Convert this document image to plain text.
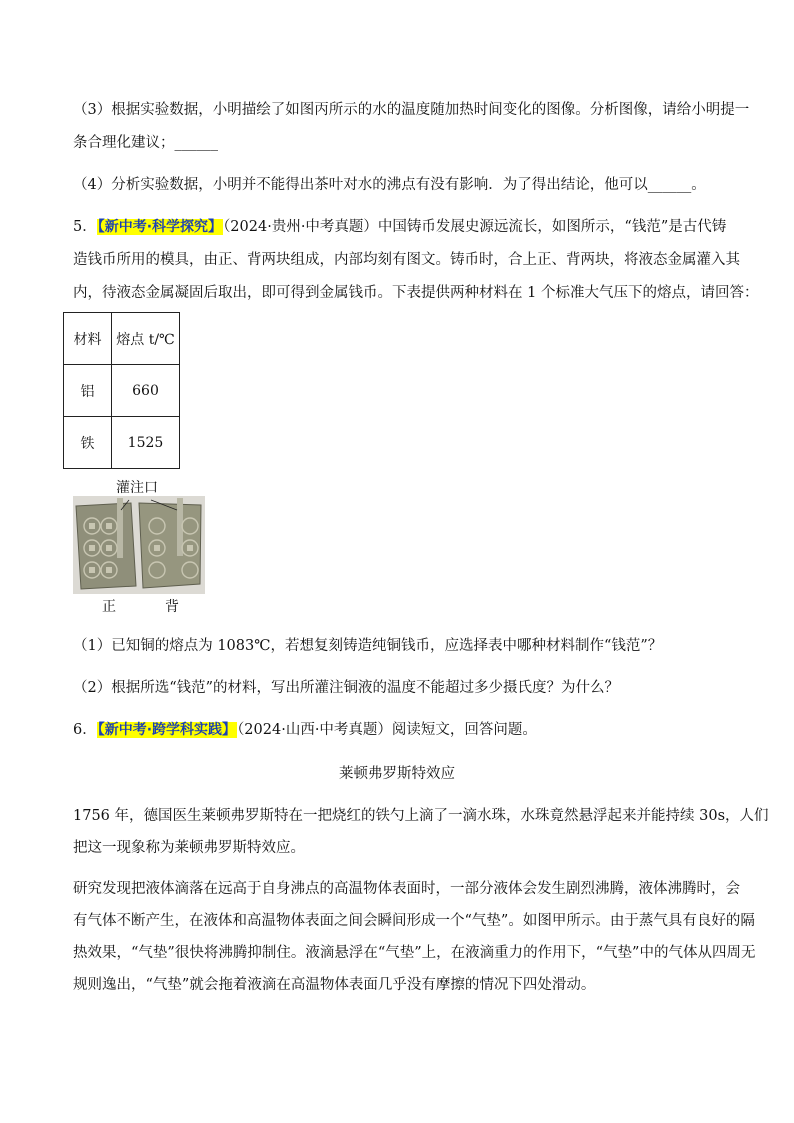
（3）根据实验数据，小明描绘了如图丙所示的水的温度随加热时间变化的图像。分析图像，请给小明提一
条合理化建议；______
（4）分析实验数据，小明并不能得出茶叶对水的沸点有没有影响．为了得出结论，他可以______。
5．【新中考·科学探究】（2024·贵州·中考真题）中国铸币发展史源远流长，如图所示，“钱范”是古代铸
造钱币所用的模具，由正、背两块组成，内部均刻有图文。铸币时，合上正、背两块，将液态金属灌入其
内，待液态金属凝固后取出，即可得到金属钱币。下表提供两种材料在 1 个标准大气压下的熔点，请回答：
材料	熔点 t/℃
铝	660
铁	1525
灌注口
正	背
（1）已知铜的熔点为 1083℃，若想复刻铸造纯铜钱币，应选择表中哪种材料制作“钱范”？
（2）根据所选“钱范”的材料，写出所灌注铜液的温度不能超过多少摄氏度？为什么？
6．【新中考·跨学科实践】（2024·山西·中考真题）阅读短文，回答问题。
莱顿弗罗斯特效应
1756 年，德国医生莱顿弗罗斯特在一把烧红的铁勺上滴了一滴水珠，水珠竟然悬浮起来并能持续 30s，人们
把这一现象称为莱顿弗罗斯特效应。
研究发现把液体滴落在远高于自身沸点的高温物体表面时，一部分液体会发生剧烈沸腾，液体沸腾时，会
有气体不断产生，在液体和高温物体表面之间会瞬间形成一个“气垫”。如图甲所示。由于蒸气具有良好的隔
热效果，“气垫”很快将沸腾抑制住。液滴悬浮在“气垫”上，在液滴重力的作用下，“气垫”中的气体从四周无
规则逸出，“气垫”就会拖着液滴在高温物体表面几乎没有摩擦的情况下四处滑动。
